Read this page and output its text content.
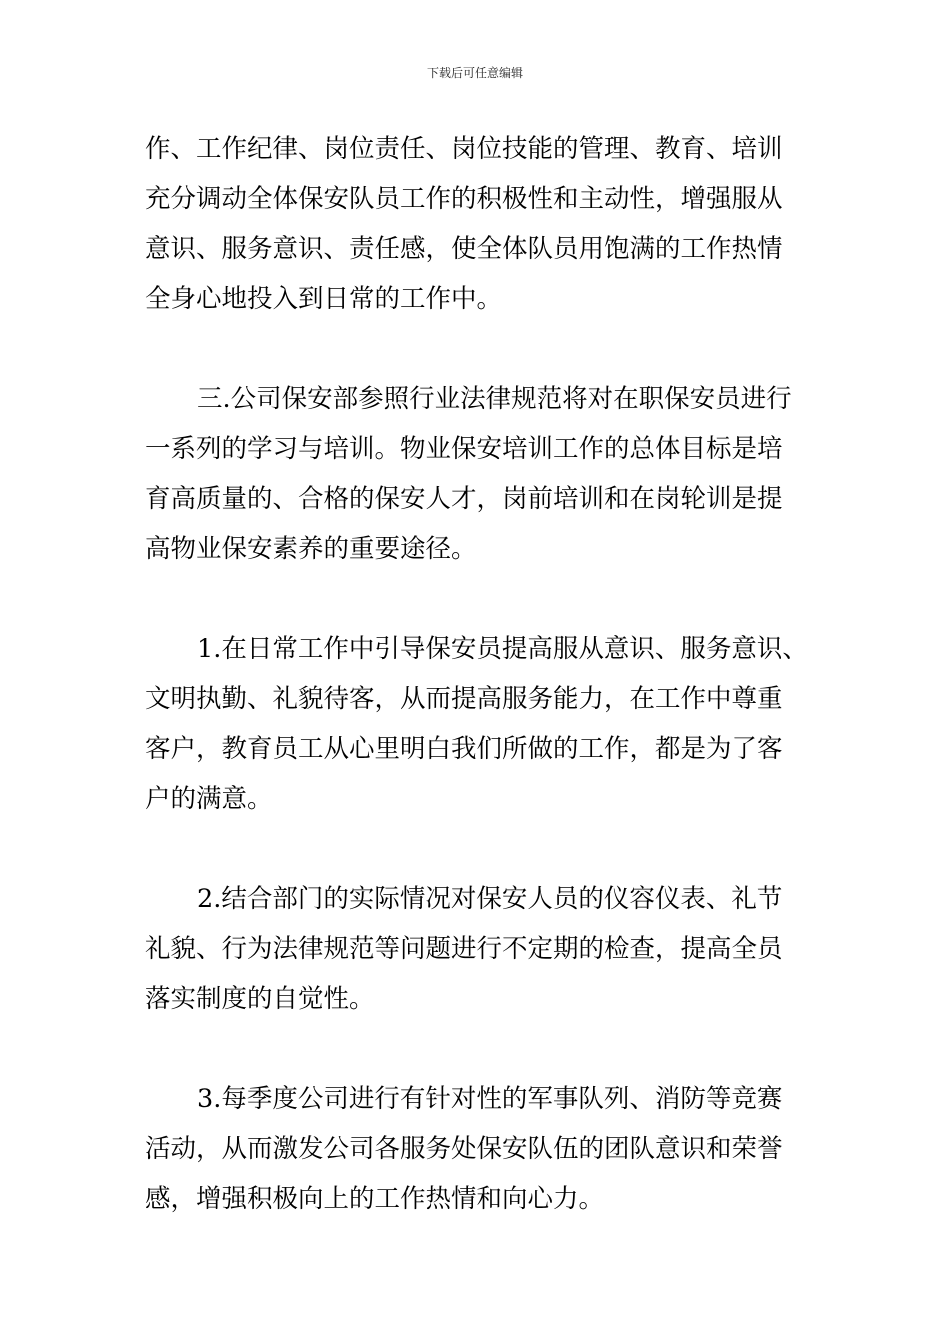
下载后可任意编辑
作、工作纪律、岗位责任、岗位技能的管理、教育、培训
充分调动全体保安队员工作的积极性和主动性，增强服从
意识、服务意识、责任感，使全体队员用饱满的工作热情
全身心地投入到日常的工作中。
三.公司保安部参照行业法律规范将对在职保安员进行
一系列的学习与培训。物业保安培训工作的总体目标是培
育高质量的、合格的保安人才，岗前培训和在岗轮训是提
高物业保安素养的重要途径。
1.在日常工作中引导保安员提高服从意识、服务意识、
文明执勤、礼貌待客，从而提高服务能力，在工作中尊重
客户，教育员工从心里明白我们所做的工作，都是为了客
户的满意。
2.结合部门的实际情况对保安人员的仪容仪表、礼节
礼貌、行为法律规范等问题进行不定期的检查，提高全员
落实制度的自觉性。
3.每季度公司进行有针对性的军事队列、消防等竞赛
活动，从而激发公司各服务处保安队伍的团队意识和荣誉
感，增强积极向上的工作热情和向心力。
